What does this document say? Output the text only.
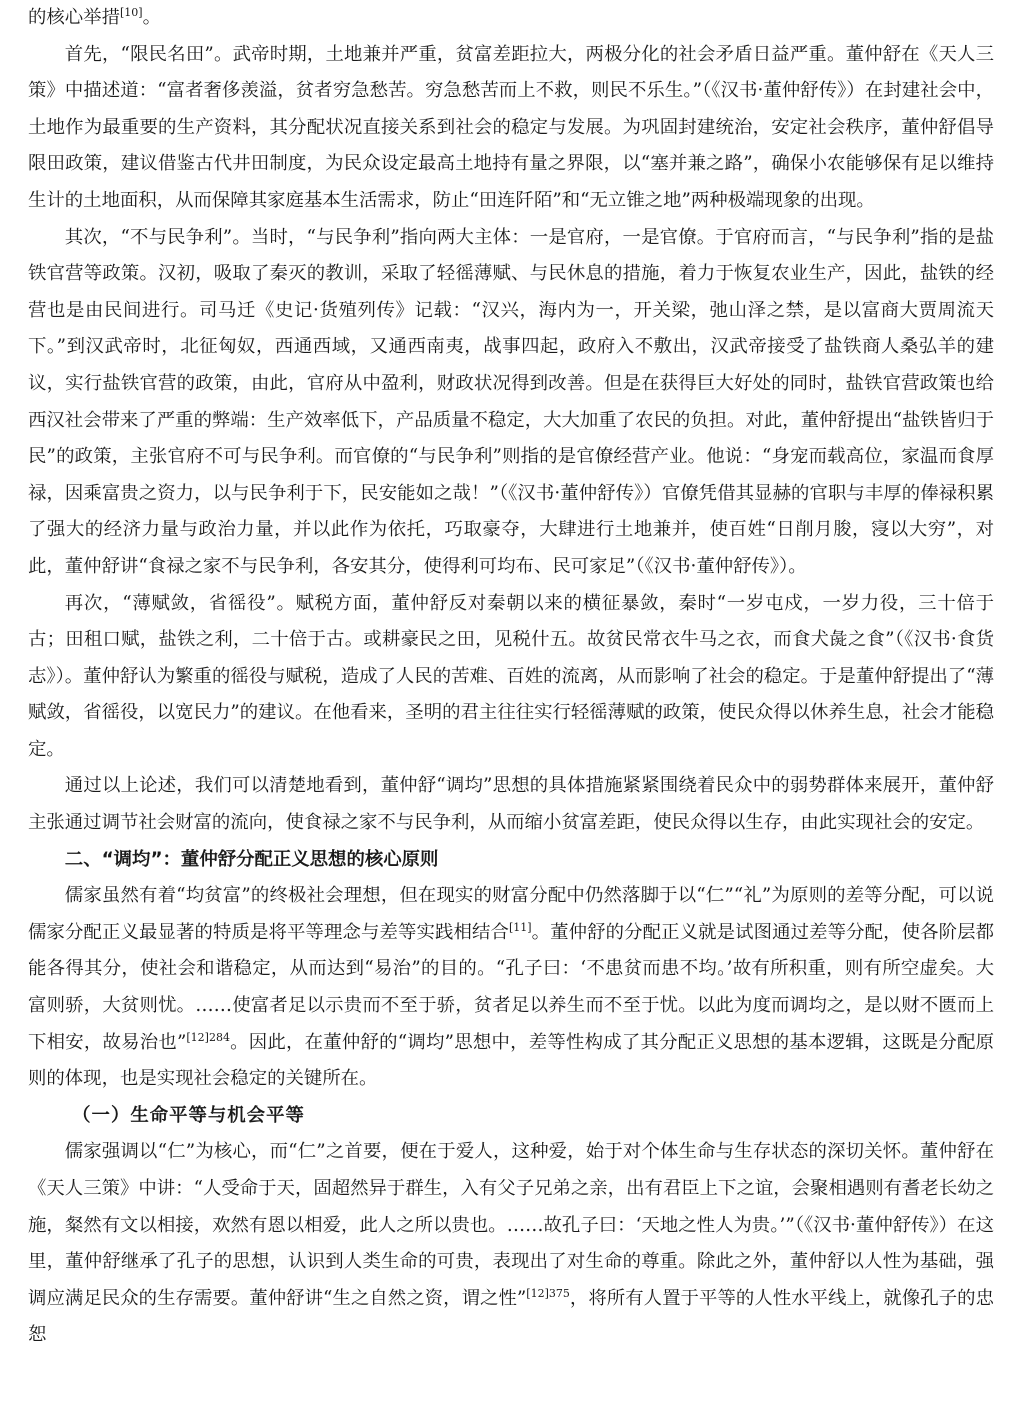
的核心举措[10]。

首先，“限民名田”。武帝时期，土地兼并严重，贫富差距拉大，两极分化的社会矛盾日益严重。董仲舒在《天人三策》中描述道：“富者奢侈羡溢，贫者穷急愁苦。穷急愁苦而上不救，则民不乐生。”（《汉书·董仲舒传》）在封建社会中，土地作为最重要的生产资料，其分配状况直接关系到社会的稳定与发展。为巩固封建统治，安定社会秩序，董仲舒倡导限田政策，建议借鉴古代井田制度，为民众设定最高土地持有量之界限，以“塞并兼之路”，确保小农能够保有足以维持生计的土地面积，从而保障其家庭基本生活需求，防止“田连阡陌”和“无立锥之地”两种极端现象的出现。

其次，“不与民争利”。当时，“与民争利”指向两大主体：一是官府，一是官僚。于官府而言，“与民争利”指的是盐铁官营等政策。汉初，吸取了秦灭的教训，采取了轻徭薄赋、与民休息的措施，着力于恢复农业生产，因此，盐铁的经营也是由民间进行。司马迁《史记·货殖列传》记载：“汉兴，海内为一，开关梁，弛山泽之禁，是以富商大贾周流天下。”到汉武帝时，北征匈奴，西通西域，又通西南夷，战事四起，政府入不敷出，汉武帝接受了盐铁商人桑弘羊的建议，实行盐铁官营的政策，由此，官府从中盈利，财政状况得到改善。但是在获得巨大好处的同时，盐铁官营政策也给西汉社会带来了严重的弊端：生产效率低下，产品质量不稳定，大大加重了农民的负担。对此，董仲舒提出“盐铁皆归于民”的政策，主张官府不可与民争利。而官僚的“与民争利”则指的是官僚经营产业。他说：“身宠而载高位，家温而食厚禄，因乘富贵之资力，以与民争利于下，民安能如之哉！”（《汉书·董仲舒传》）官僚凭借其显赫的官职与丰厚的俸禄积累了强大的经济力量与政治力量，并以此作为依托，巧取豪夺，大肆进行土地兼并，使百姓“日削月朘，寖以大穷”，对此，董仲舒讲“食禄之家不与民争利，各安其分，使得利可均布、民可家足”（《汉书·董仲舒传》）。

再次，“薄赋敛，省徭役”。赋税方面，董仲舒反对秦朝以来的横征暴敛，秦时“一岁屯戍，一岁力役，三十倍于古；田租口赋，盐铁之利，二十倍于古。或耕豪民之田，见税什五。故贫民常衣牛马之衣，而食犬彘之食”（《汉书·食货志》）。董仲舒认为繁重的徭役与赋税，造成了人民的苦难、百姓的流离，从而影响了社会的稳定。于是董仲舒提出了“薄赋敛，省徭役，以宽民力”的建议。在他看来，圣明的君主往往实行轻徭薄赋的政策，使民众得以休养生息，社会才能稳定。

通过以上论述，我们可以清楚地看到，董仲舒“调均”思想的具体措施紧紧围绕着民众中的弱势群体来展开，董仲舒主张通过调节社会财富的流向，使食禄之家不与民争利，从而缩小贫富差距，使民众得以生存，由此实现社会的安定。

二、“调均”：董仲舒分配正义思想的核心原则

儒家虽然有着“均贫富”的终极社会理想，但在现实的财富分配中仍然落脚于以“仁”“礼”为原则的差等分配，可以说儒家分配正义最显著的特质是将平等理念与差等实践相结合[11]。董仲舒的分配正义就是试图通过差等分配，使各阶层都能各得其分，使社会和谐稳定，从而达到“易治”的目的。“孔子曰：‘不患贫而患不均。’故有所积重，则有所空虚矣。大富则骄，大贫则忧。……使富者足以示贵而不至于骄，贫者足以养生而不至于忧。以此为度而调均之，是以财不匮而上下相安，故易治也”$^{[12]284}$。因此，在董仲舒的“调均”思想中，差等性构成了其分配正义思想的基本逻辑，这既是分配原则的体现，也是实现社会稳定的关键所在。

（一）生命平等与机会平等

儒家强调以“仁”为核心，而“仁”之首要，便在于爱人，这种爱，始于对个体生命与生存状态的深切关怀。董仲舒在《天人三策》中讲：“人受命于天，固超然异于群生，入有父子兄弟之亲，出有君臣上下之谊，会聚相遇则有耆老长幼之施，粲然有文以相接，欢然有恩以相爱，此人之所以贵也。……故孔子曰：‘天地之性人为贵。’”（《汉书·董仲舒传》）在这里，董仲舒继承了孔子的思想，认识到人类生命的可贵，表现出了对生命的尊重。除此之外，董仲舒以人性为基础，强调应满足民众的生存需要。董仲舒讲“生之自然之资，谓之性”$^{[12]375}$，将所有人置于平等的人性水平线上，就像孔子的忠恕
